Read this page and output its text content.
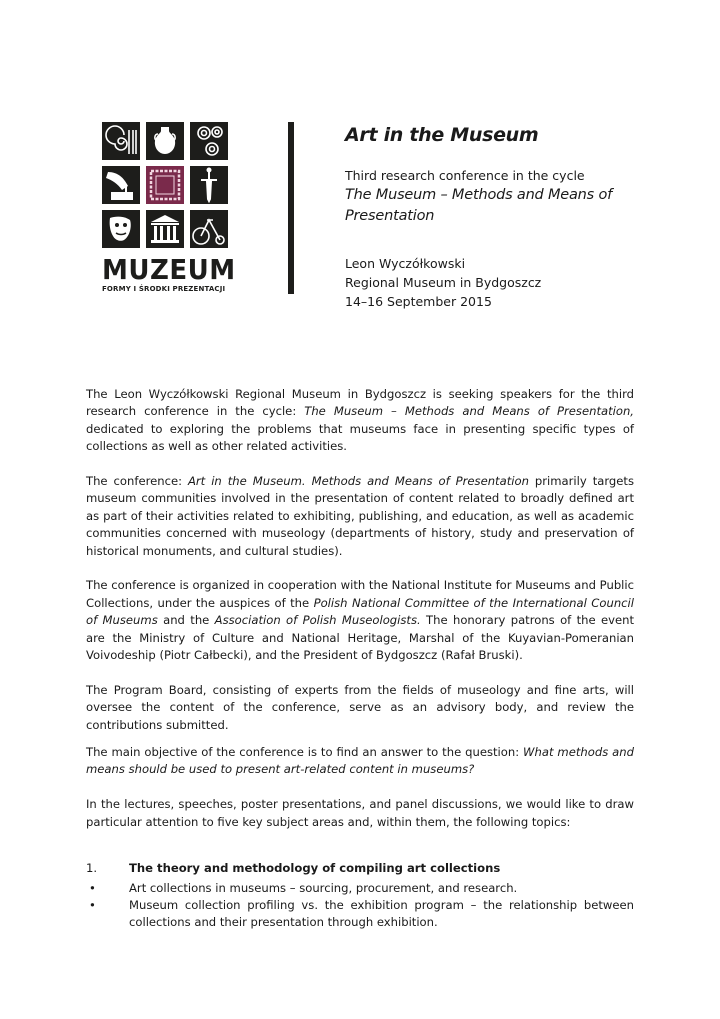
MUZEUM
FORMY I ŚRODKI PREZENTACJI

Art in the Museum

Third research conference in the cycle

The Museum – Methods and Means of

Presentation

Leon Wyczółkowski

Regional Museum in Bydgoszcz

14–16 September 2015

The Leon Wyczółkowski Regional Museum in Bydgoszcz is seeking speakers for the third research conference in the cycle: The Museum – Methods and Means of Presentation, dedicated to exploring the problems that museums face in presenting specific types of collections as well as other related activities.

The conference: Art in the Museum. Methods and Means of Presentation primarily targets museum communities involved in the presentation of content related to broadly defined art as part of their activities related to exhibiting, publishing, and education, as well as academic communities concerned with museology (departments of history, study and preservation of historical monuments, and cultural studies).

The conference is organized in cooperation with the National Institute for Museums and Public Collections, under the auspices of the Polish National Committee of the International Council of Museums and the Association of Polish Museologists. The honorary patrons of the event are the Ministry of Culture and National Heritage, Marshal of the Kuyavian-Pomeranian Voivodeship (Piotr Całbecki), and the President of Bydgoszcz (Rafał Bruski).

The Program Board, consisting of experts from the fields of museology and fine arts, will oversee the content of the conference, serve as an advisory body, and review the contributions submitted.

The main objective of the conference is to find an answer to the question: What methods and means should be used to present art-related content in museums?

In the lectures, speeches, poster presentations, and panel discussions, we would like to draw particular attention to five key subject areas and, within them, the following topics:

1.	The theory and methodology of compiling art collections
•	Art collections in museums – sourcing, procurement, and research.
•	Museum collection profiling vs. the exhibition program – the relationship between collections and their presentation through exhibition.
